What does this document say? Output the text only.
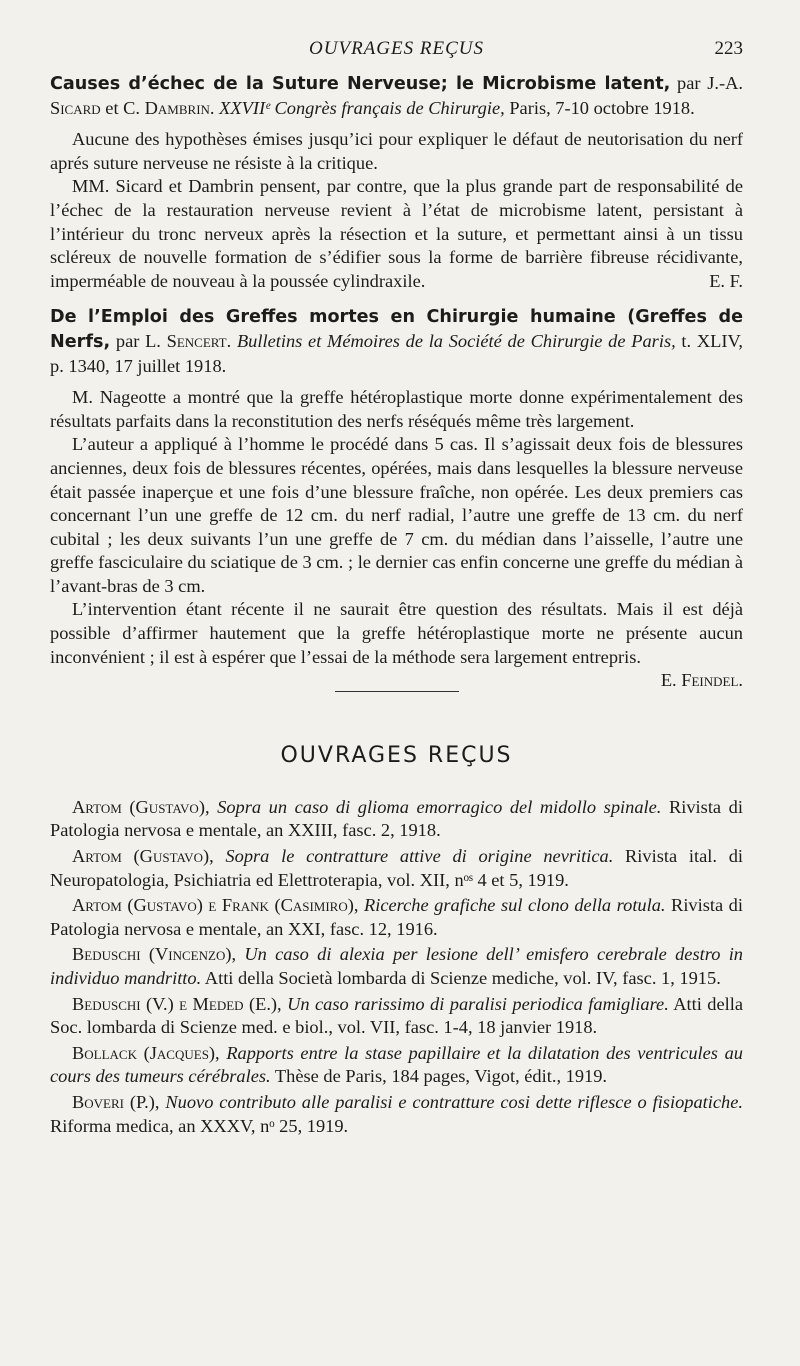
OUVRAGES REÇUS	223

Causes d’échec de la Suture Nerveuse; le Microbisme latent, par J.-A. Sicard et C. Dambrin. XXVIIᵉ Congrès français de Chirurgie, Paris, 7-10 octobre 1918.

Aucune des hypothèses émises jusqu’ici pour expliquer le défaut de neutorisation du nerf aprés suture nerveuse ne résiste à la critique.

MM. Sicard et Dambrin pensent, par contre, que la plus grande part de responsabilité de l’échec de la restauration nerveuse revient à l’état de microbisme latent, persistant à l’intérieur du tronc nerveux après la résection et la suture, et permettant ainsi à un tissu scléreux de nouvelle formation de s’édifier sous la forme de barrière fibreuse récidivante, imperméable de nouveau à la poussée cylindraxile.	E. F.

De l’Emploi des Greffes mortes en Chirurgie humaine (Greffes de Nerfs, par L. Sencert. Bulletins et Mémoires de la Société de Chirurgie de Paris, t. XLIV, p. 1340, 17 juillet 1918.

M. Nageotte a montré que la greffe hétéroplastique morte donne expérimentalement des résultats parfaits dans la reconstitution des nerfs réséqués même très largement.

L’auteur a appliqué à l’homme le procédé dans 5 cas. Il s’agissait deux fois de blessures anciennes, deux fois de blessures récentes, opérées, mais dans lesquelles la blessure nerveuse était passée inaperçue et une fois d’une blessure fraîche, non opérée. Les deux premiers cas concernant l’un une greffe de 12 cm. du nerf radial, l’autre une greffe de 13 cm. du nerf cubital ; les deux suivants l’un une greffe de 7 cm. du médian dans l’aisselle, l’autre une greffe fasciculaire du sciatique de 3 cm. ; le dernier cas enfin concerne une greffe du médian à l’avant-bras de 3 cm.

L’intervention étant récente il ne saurait être question des résultats. Mais il est déjà possible d’affirmer hautement que la greffe hétéroplastique morte ne présente aucun inconvénient ; il est à espérer que l’essai de la méthode sera largement entrepris.
E. Feindel.

OUVRAGES REÇUS
Artom (Gustavo), Sopra un caso di glioma emorragico del midollo spinale. Rivista di Patologia nervosa e mentale, an XXIII, fasc. 2, 1918.
Artom (Gustavo), Sopra le contratture attive di origine nevritica. Rivista ital. di Neuropatologia, Psichiatria ed Elettroterapia, vol. XII, nᵒˢ 4 et 5, 1919.
Artom (Gustavo) e Frank (Casimiro), Ricerche grafiche sul clono della rotula. Rivista di Patologia nervosa e mentale, an XXI, fasc. 12, 1916.
Beduschi (Vincenzo), Un caso di alexia per lesione dell’ emisfero cerebrale destro in individuo mandritto. Atti della Società lombarda di Scienze mediche, vol. IV, fasc. 1, 1915.
Beduschi (V.) e Meded (E.), Un caso rarissimo di paralisi periodica famigliare. Atti della Soc. lombarda di Scienze med. e biol., vol. VII, fasc. 1-4, 18 janvier 1918.
Bollack (Jacques), Rapports entre la stase papillaire et la dilatation des ventricules au cours des tumeurs cérébrales. Thèse de Paris, 184 pages, Vigot, édit., 1919.
Boveri (P.), Nuovo contributo alle paralisi e contratture cosi dette riflesce o fisiopatiche. Riforma medica, an XXXV, nᵒ 25, 1919.
